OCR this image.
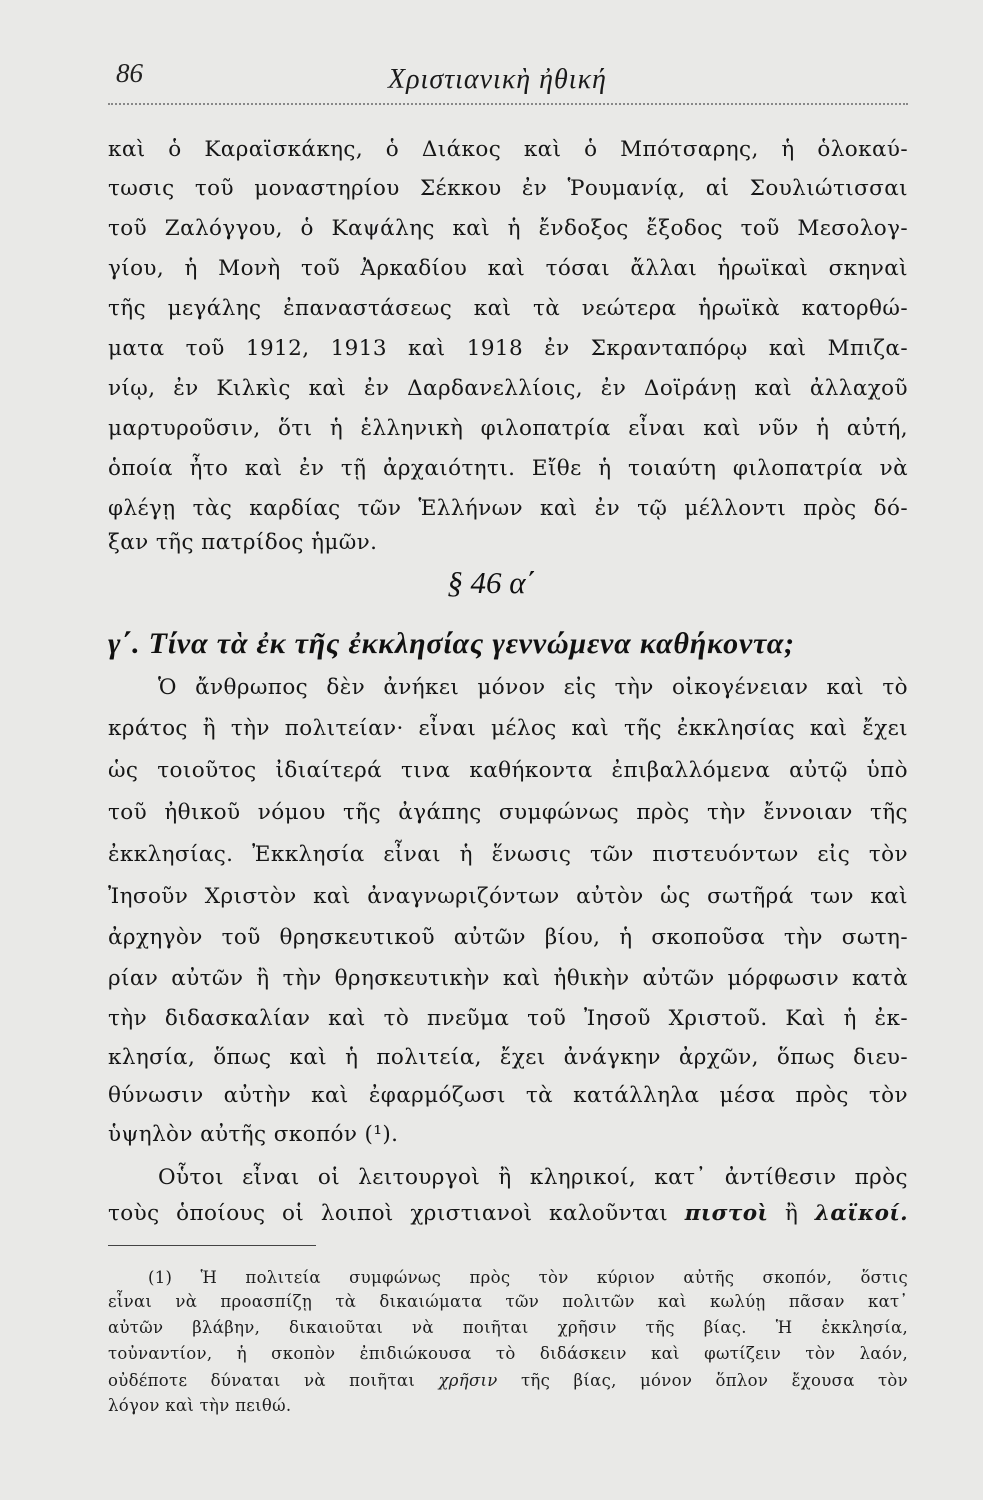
86	Χριστιανικὴ ἠθική

καὶ ὁ Καραϊσκάκης, ὁ Διάκος καὶ ὁ Μπότσαρης, ἡ ὁλοκαύ-

τωσις τοῦ μοναστηρίου Σέκκου ἐν Ῥουμανίᾳ, αἱ Σουλιώτισσαι

τοῦ Ζαλόγγου, ὁ Καψάλης καὶ ἡ ἔνδοξος ἔξοδος τοῦ Μεσολογ-

γίου, ἡ Μονὴ τοῦ Ἀρκαδίου καὶ τόσαι ἄλλαι ἡρωϊκαὶ σκηναὶ

τῆς μεγάλης ἐπαναστάσεως καὶ τὰ νεώτερα ἡρωϊκὰ κατορθώ-

ματα τοῦ 1912, 1913 καὶ 1918 ἐν Σκρανταπόρῳ καὶ Μπιζα-

νίῳ, ἐν Κιλκὶς καὶ ἐν Δαρδανελλίοις, ἐν Δοϊράνῃ καὶ ἀλλαχοῦ

μαρτυροῦσιν, ὅτι ἡ ἑλληνικὴ φιλοπατρία εἶναι καὶ νῦν ἡ αὐτή,

ὁποία ἦτο καὶ ἐν τῇ ἀρχαιότητι. Εἴθε ἡ τοιαύτη φιλοπατρία νὰ

φλέγῃ τὰς καρδίας τῶν Ἑλλήνων καὶ ἐν τῷ μέλλοντι πρὸς δό-

ξαν τῆς πατρίδος ἡμῶν.

§ 46 α΄
γ΄. Τίνα τὰ ἐκ τῆς ἐκκλησίας γεννώμενα καθήκοντα;

Ὁ ἄνθρωπος δὲν ἀνήκει μόνον εἰς τὴν οἰκογένειαν καὶ τὸ

κράτος ἢ τὴν πολιτείαν· εἶναι μέλος καὶ τῆς ἐκκλησίας καὶ ἔχει

ὡς τοιοῦτος ἰδιαίτερά τινα καθήκοντα ἐπιβαλλόμενα αὐτῷ ὑπὸ

τοῦ ἠθικοῦ νόμου τῆς ἀγάπης συμφώνως πρὸς τὴν ἔννοιαν τῆς

ἐκκλησίας. Ἐκκλησία εἶναι ἡ ἕνωσις τῶν πιστευόντων εἰς τὸν

Ἰησοῦν Χριστὸν καὶ ἀναγνωριζόντων αὐτὸν ὡς σωτῆρά των καὶ

ἀρχηγὸν τοῦ θρησκευτικοῦ αὐτῶν βίου, ἡ σκοποῦσα τὴν σωτη-

ρίαν αὐτῶν ἢ τὴν θρησκευτικὴν καὶ ἠθικὴν αὐτῶν μόρφωσιν κατὰ

τὴν διδασκαλίαν καὶ τὸ πνεῦμα τοῦ Ἰησοῦ Χριστοῦ. Καὶ ἡ ἐκ-

κλησία, ὅπως καὶ ἡ πολιτεία, ἔχει ἀνάγκην ἀρχῶν, ὅπως διευ-

θύνωσιν αὐτὴν καὶ ἐφαρμόζωσι τὰ κατάλληλα μέσα πρὸς τὸν

ὑψηλὸν αὐτῆς σκοπόν (¹).

Οὗτοι εἶναι οἱ λειτουργοὶ ἢ κληρικοί, κατ᾿ ἀντίθεσιν πρὸς

τοὺς ὁποίους οἱ λοιποὶ χριστιανοὶ καλοῦνται πιστοὶ ἢ λαϊκοί.

(1) Ἡ πολιτεία συμφώνως πρὸς τὸν κύριον αὐτῆς σκοπόν, ὅστις

εἶναι νὰ προασπίζῃ τὰ δικαιώματα τῶν πολιτῶν καὶ κωλύῃ πᾶσαν κατ᾿

αὐτῶν βλάβην, δικαιοῦται νὰ ποιῆται χρῆσιν τῆς βίας. Ἡ ἐκκλησία,

τοὐναντίον, ἡ σκοπὸν ἐπιδιώκουσα τὸ διδάσκειν καὶ φωτίζειν τὸν λαόν,

οὐδέποτε δύναται νὰ ποιῆται χρῆσιν τῆς βίας, μόνον ὅπλον ἔχουσα τὸν

λόγον καὶ τὴν πειθώ.
